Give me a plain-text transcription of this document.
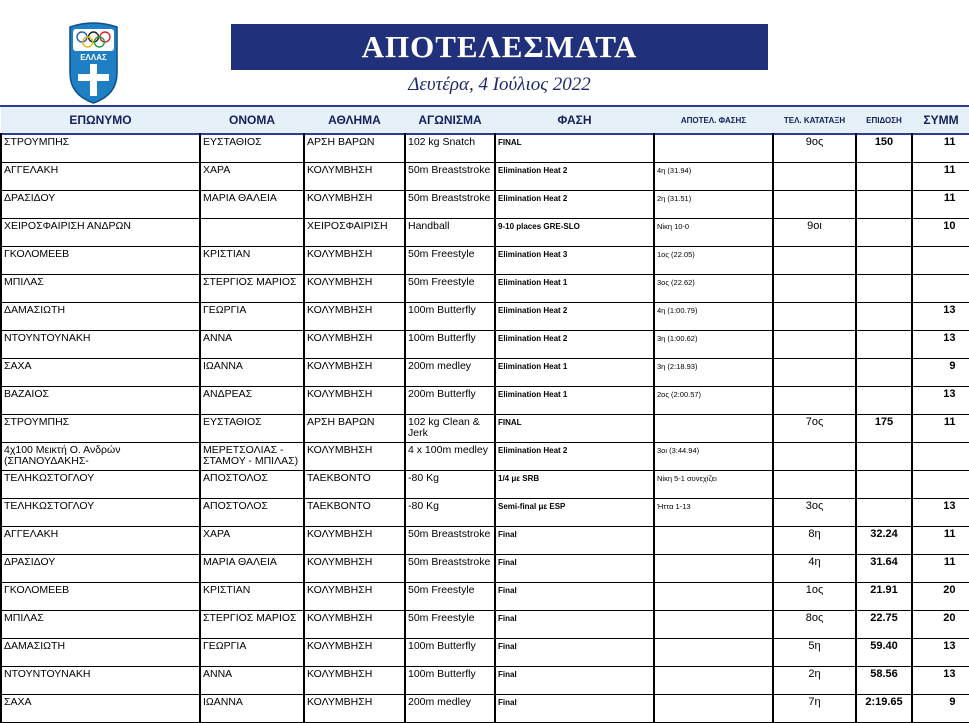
ΕΛΛΑΣ	ΑΠΟΤΕΛΕΣΜΑΤΑ
Δευτέρα, 4 Ιούλιος 2022
ΕΠΩΝΥΜΟ	ΟΝΟΜΑ	ΑΘΛΗΜΑ	ΑΓΩΝΙΣΜΑ	ΦΑΣΗ	ΑΠΟΤΕΛ. ΦΑΣΗΣ	ΤΕΛ. ΚΑΤΑΤΑΞΗ	ΕΠΙΔΟΣΗ	ΣΥΜΜ
ΣΤΡΟΥΜΠΗΣ	ΕΥΣΤΑΘΙΟΣ	ΑΡΣΗ ΒΑΡΩΝ	102 kg Snatch	FINAL		9ος	150	11
ΑΓΓΕΛΑΚΗ	ΧΑΡΑ	ΚΟΛΥΜΒΗΣΗ	50m Breaststroke	Elimination Heat 2	4η (31.94)			11
ΔΡΑΣΙΔΟΥ	ΜΑΡΙΑ ΘΑΛΕΙΑ	ΚΟΛΥΜΒΗΣΗ	50m Breaststroke	Elimination Heat 2	2η (31.51)			11
ΧΕΙΡΟΣΦΑΙΡΙΣΗ ΑΝΔΡΩΝ		ΧΕΙΡΟΣΦΑΙΡΙΣΗ	Handball	9-10 places GRE-SLO	Νίκη 10-0	9οι		10
ΓΚΟΛΟΜΕΕΒ	ΚΡΙΣΤΙΑΝ	ΚΟΛΥΜΒΗΣΗ	50m Freestyle	Elimination Heat 3	1ος (22.05)			
ΜΠΙΛΑΣ	ΣΤΕΡΓΙΟΣ ΜΑΡΙΟΣ	ΚΟΛΥΜΒΗΣΗ	50m Freestyle	Elimination Heat 1	3ος (22.62)			
ΔΑΜΑΣΙΩΤΗ	ΓΕΩΡΓΙΑ	ΚΟΛΥΜΒΗΣΗ	100m Butterfly	Elimination Heat 2	4η (1:00.79)			13
ΝΤΟΥΝΤΟΥΝΑΚΗ	ΑΝΝΑ	ΚΟΛΥΜΒΗΣΗ	100m Butterfly	Elimination Heat 2	3η (1:00.62)			13
ΣΑΧΑ	ΙΩΑΝΝΑ	ΚΟΛΥΜΒΗΣΗ	200m medley	Elimination Heat 1	3η (2:18.93)			9
ΒΑΖΑΙΟΣ	ΑΝΔΡΕΑΣ	ΚΟΛΥΜΒΗΣΗ	200m Butterfly	Elimination Heat 1	2ος (2:00.57)			13
ΣΤΡΟΥΜΠΗΣ	ΕΥΣΤΑΘΙΟΣ	ΑΡΣΗ ΒΑΡΩΝ	102 kg Clean & Jerk	FINAL		7ος	175	11
4χ100 Μεικτή Ο. Ανδρών (ΣΠΑΝΟΥΔΑΚΗΣ-	ΜΕΡΕΤΣΟΛΙΑΣ - ΣΤΑΜΟΥ - ΜΠΙΛΑΣ)	ΚΟΛΥΜΒΗΣΗ	4 x 100m medley	Elimination Heat 2	3οι (3:44.94)			
ΤΕΛΗΚΩΣΤΟΓΛΟΥ	ΑΠΟΣΤΟΛΟΣ	ΤΑΕΚΒΟΝΤΟ	-80 Kg	1/4 με SRB	Νίκη 5-1 συνεχίζει			
ΤΕΛΗΚΩΣΤΟΓΛΟΥ	ΑΠΟΣΤΟΛΟΣ	ΤΑΕΚΒΟΝΤΟ	-80 Kg	Semi-final με ESP	Ήττα 1-13	3ος		13
ΑΓΓΕΛΑΚΗ	ΧΑΡΑ	ΚΟΛΥΜΒΗΣΗ	50m Breaststroke	Final		8η	32.24	11
ΔΡΑΣΙΔΟΥ	ΜΑΡΙΑ ΘΑΛΕΙΑ	ΚΟΛΥΜΒΗΣΗ	50m Breaststroke	Final		4η	31.64	11
ΓΚΟΛΟΜΕΕΒ	ΚΡΙΣΤΙΑΝ	ΚΟΛΥΜΒΗΣΗ	50m Freestyle	Final		1ος	21.91	20
ΜΠΙΛΑΣ	ΣΤΕΡΓΙΟΣ ΜΑΡΙΟΣ	ΚΟΛΥΜΒΗΣΗ	50m Freestyle	Final		8ος	22.75	20
ΔΑΜΑΣΙΩΤΗ	ΓΕΩΡΓΙΑ	ΚΟΛΥΜΒΗΣΗ	100m Butterfly	Final		5η	59.40	13
ΝΤΟΥΝΤΟΥΝΑΚΗ	ΑΝΝΑ	ΚΟΛΥΜΒΗΣΗ	100m Butterfly	Final		2η	58.56	13
ΣΑΧΑ	ΙΩΑΝΝΑ	ΚΟΛΥΜΒΗΣΗ	200m medley	Final		7η	2:19.65	9
